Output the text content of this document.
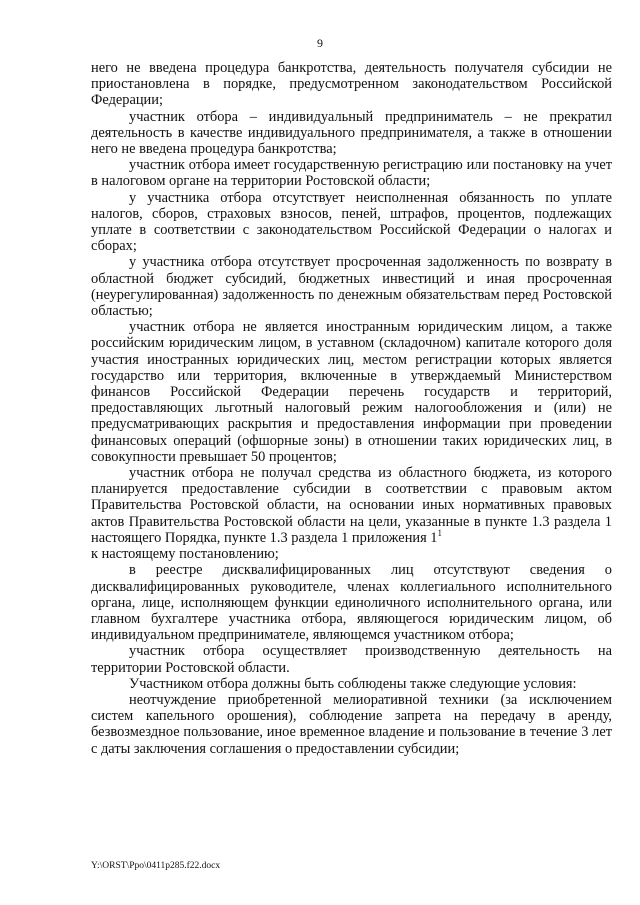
9

него не введена процедура банкротства, деятельность получателя субсидии не приостановлена в порядке, предусмотренном законодательством Российской Федерации;

участник отбора – индивидуальный предприниматель – не прекратил деятельность в качестве индивидуального предпринимателя, а также в отношении него не введена процедура банкротства;

участник отбора имеет государственную регистрацию или постановку на учет в налоговом органе на территории Ростовской области;

у участника отбора отсутствует неисполненная обязанность по уплате налогов, сборов, страховых взносов, пеней, штрафов, процентов, подлежащих уплате в соответствии с законодательством Российской Федерации о налогах и сборах;

у участника отбора отсутствует просроченная задолженность по возврату в областной бюджет субсидий, бюджетных инвестиций и иная просроченная (неурегулированная) задолженность по денежным обязательствам перед Ростовской областью;

участник отбора не является иностранным юридическим лицом, а также российским юридическим лицом, в уставном (складочном) капитале которого доля участия иностранных юридических лиц, местом регистрации которых является государство или территория, включенные в утверждаемый Министерством финансов Российской Федерации перечень государств и территорий, предоставляющих льготный налоговый режим налогообложения и (или) не предусматривающих раскрытия и предоставления информации при проведении финансовых операций (офшорные зоны) в отношении таких юридических лиц, в совокупности превышает 50 процентов;

участник отбора не получал средства из областного бюджета, из которого планируется предоставление субсидии в соответствии с правовым актом Правительства Ростовской области, на основании иных нормативных правовых актов Правительства Ростовской области на цели, указанные в пункте 1.3 раздела 1 настоящего Порядка, пункте 1.3 раздела 1 приложения $1^1$
к настоящему постановлению;

в реестре дисквалифицированных лиц отсутствуют сведения о дисквалифицированных руководителе, членах коллегиального исполнительного органа, лице, исполняющем функции единоличного исполнительного органа, или главном бухгалтере участника отбора, являющегося юридическим лицом, об индивидуальном предпринимателе, являющемся участником отбора;

участник отбора осуществляет производственную деятельность на территории Ростовской области.

Участником отбора должны быть соблюдены также следующие условия:

неотчуждение приобретенной мелиоративной техники (за исключением систем капельного орошения), соблюдение запрета на передачу в аренду, безвозмездное пользование, иное временное владение и пользование в течение 3 лет с даты заключения соглашения о предоставлении субсидии;

Y:\ORST\Ppo\0411p285.f22.docx
